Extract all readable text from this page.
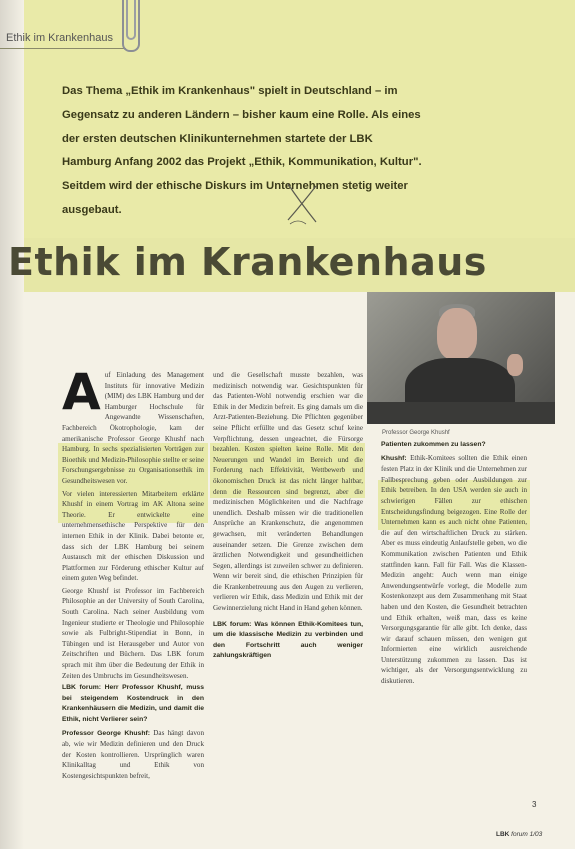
Ethik im Krankenhaus

Das Thema „Ethik im Krankenhaus" spielt in Deutschland – im Gegensatz zu anderen Ländern – bisher kaum eine Rolle. Als eines der ersten deutschen Klinikunternehmen startete der LBK Hamburg Anfang 2002 das Projekt „Ethik, Kommunikation, Kultur". Seitdem wird der ethische Diskurs im Unternehmen stetig weiter ausgebaut.

Ethik im Krankenhaus

Professor George Khushf

A uf Einladung des Management Instituts für innovative Medizin (MIM) des LBK Hamburg und der Hamburger Hochschule für Angewandte Wissenschaften, Fachbereich Ökotrophologie, kam der amerikanische Professor George Khushf nach Hamburg. In sechs spezialisierten Vorträgen zur Bioethik und Medizin-Philosophie stellte er seine Forschungsergebnisse zu Organisationsethik im Gesundheitswesen vor.

Vor vielen interessierten Mitarbeitern erklärte Khushf in einem Vortrag im AK Altona seine Theorie. Er entwickelte eine unternehmensethische Perspektive für den internen Ethik in der Klinik. Dabei betonte er, dass sich der LBK Hamburg bei seinem Austausch mit der ethischen Diskussion und Plattformen zur Förderung ethischer Kultur auf einem guten Weg befindet.

George Khushf ist Professor im Fachbereich Philosophie an der University of South Carolina, South Carolina. Nach seiner Ausbildung vom Ingenieur studierte er Theologie und Philosophie sowie als Fulbright-Stipendiat in Bonn, in Tübingen und ist Herausgeber und Autor von Zeitschriften und Büchern. Das LBK forum sprach mit ihm über die Bedeutung der Ethik in Zeiten des Umbruchs im Gesundheitswesen.

LBK forum: Herr Professor Khushf, muss bei steigendem Kostendruck in den Krankenhäusern die Medizin, und damit die Ethik, nicht Verlierer sein?

Professor George Khushf: Das hängt davon ab, wie wir Medizin definieren und den Druck der Kosten kontrollieren. Ursprünglich waren Klinikalltag und Ethik von Kostengesichtspunkten befreit,

und die Gesellschaft musste bezahlen, was medizinisch notwendig war. Gesichtspunkten für das Patienten-Wohl notwendig erschien war die Ethik in der Medizin befreit. Es ging damals um die Arzt-Patienten-Beziehung. Die Pflichten gegenüber seine Pflicht erfüllte und das Gesetz schuf keine Verpflichtung, dessen ungeachtet, die Fürsorge bezahlen. Kosten spielten keine Rolle. Mit den Neuerungen und Wandel im Bereich und die Forderung nach Effektivität, Wettbewerb und ökonomischen Druck ist das nicht länger haltbar, denn die Ressourcen sind begrenzt, aber die medizinischen Möglichkeiten und die Nachfrage unendlich. Deshalb müssen wir die traditionellen Ansprüche an Krankenschutz, die angenommen gewachsen, mit veränderten Behandlungen auseinander setzen. Die Grenze zwischen dem ärztlichen Notwendigkeit und gesundheitlichen Segen, allerdings ist zuweilen schwer zu definieren. Wenn wir bereit sind, die ethischen Prinzipien für die Krankenbetreuung aus den Augen zu verlieren, verlieren wir Ethik, dass Medizin und Ethik mit der Gewinnerzielung nicht Hand in Hand gehen können.

LBK forum: Was können Ethik-Komitees tun, um die klassische Medizin zu verbinden und den Fortschritt auch weniger zahlungskräftigen

Patienten zukommen zu lassen?

Khushf: Ethik-Komitees sollten die Ethik einen festen Platz in der Klinik und die Unternehmen zur Fallbesprechung geben oder Ausbildungen zur Ethik betreiben. In den USA werden sie auch in schwierigen Fällen zur ethischen Entscheidungsfindung beigezogen. Eine Rolle der Unternehmen kann es auch nicht ohne Patienten, die auf den wirtschaftlichen Druck zu stärken. Aber es muss eindeutig Anlaufstelle geben, wo die Kommunikation zwischen Patienten und Ethik stattfinden kann. Fall für Fall. Was die Klassen-Medizin angeht: Auch wenn man einige Anwendungsentwürfe vorlegt, die Modelle zum Kostenkonzept aus dem Zusammenhang mit Staat haben und den Kosten, die Gesundheit betrachten und Ethik erhalten, weiß man, dass es keine Versorgungsgarantie für alle gibt. Ich denke, dass wir darauf schauen müssen, den wenigen gut Informierten eine wirklich ausreichende Unterstützung zukommen zu lassen. Das ist wichtiger, als der Versorgungsentwicklung zu diskutieren.

3

LBK forum 1/03
